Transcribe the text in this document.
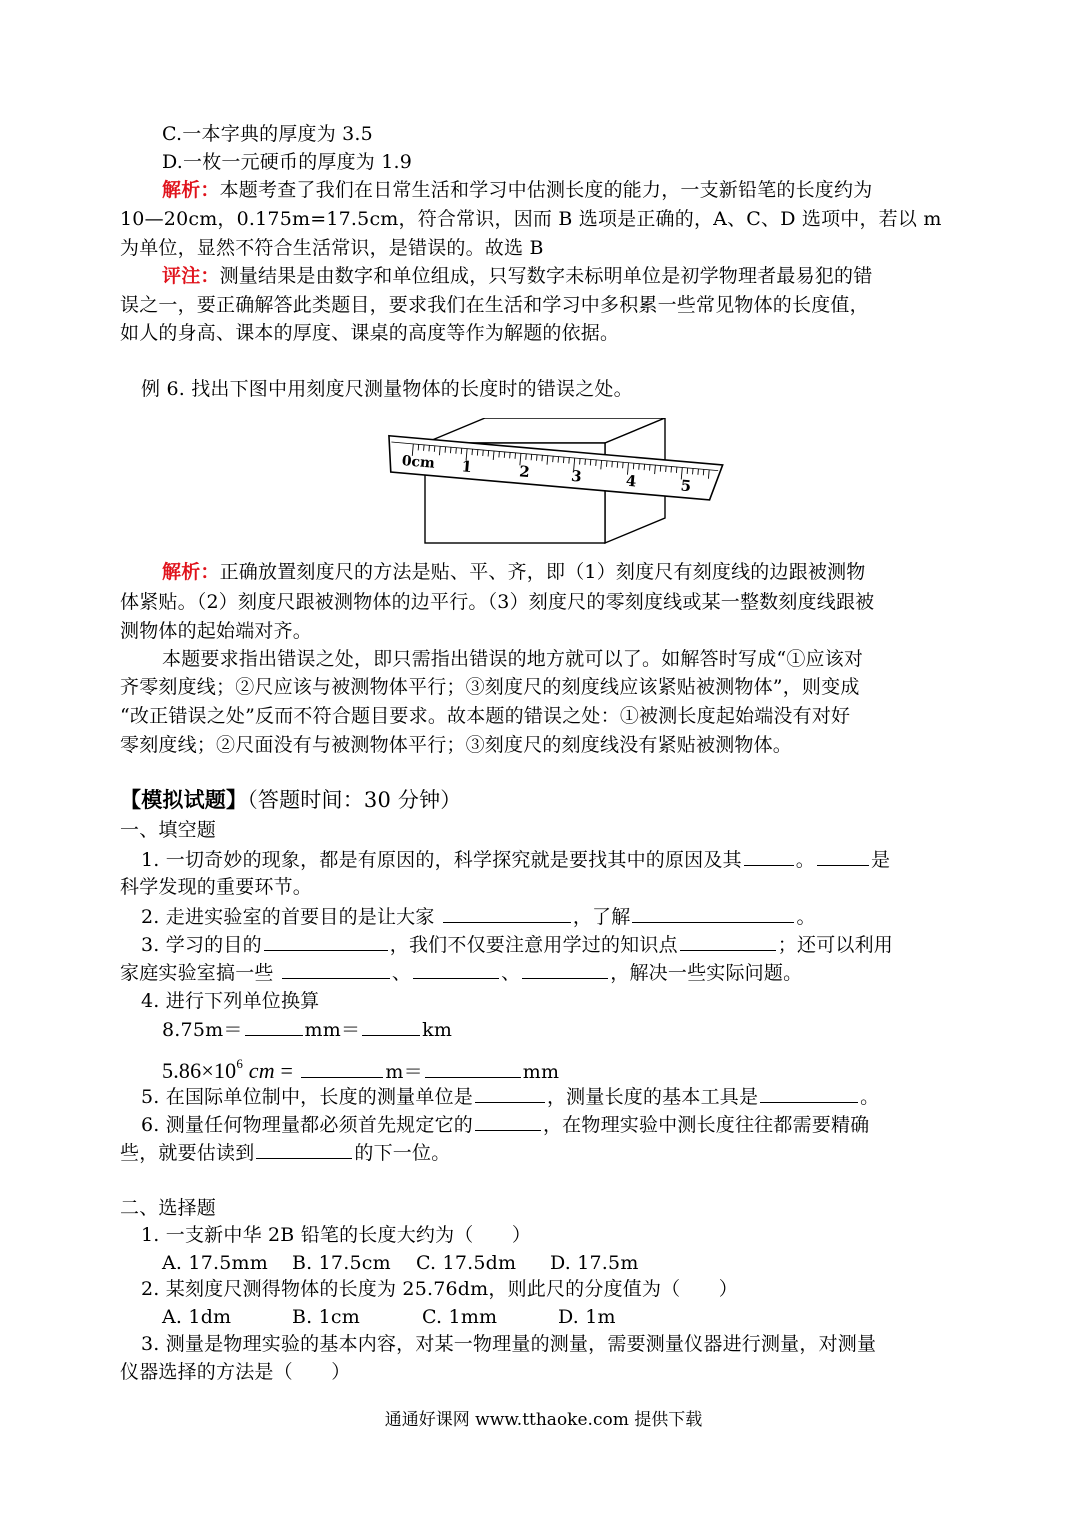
C.一本字典的厚度为 3.5
D.一枚一元硬币的厚度为 1.9
解析：本题考查了我们在日常生活和学习中估测长度的能力，一支新铅笔的长度约为
10—20cm，0.175m=17.5cm，符合常识，因而 B 选项是正确的，A、C、D 选项中，若以 m
为单位，显然不符合生活常识，是错误的。故选 B
评注：测量结果是由数字和单位组成，只写数字未标明单位是初学物理者最易犯的错
误之一，要正确解答此类题目，要求我们在生活和学习中多积累一些常见物体的长度值，
如人的身高、课本的厚度、课桌的高度等作为解题的依据。
例 6. 找出下图中用刻度尺测量物体的长度时的错误之处。
0cm 1	2	3	4	5
解析：正确放置刻度尺的方法是贴、平、齐，即（1）刻度尺有刻度线的边跟被测物
体紧贴。（2）刻度尺跟被测物体的边平行。（3）刻度尺的零刻度线或某一整数刻度线跟被
测物体的起始端对齐。
本题要求指出错误之处，即只需指出错误的地方就可以了。如解答时写成“①应该对
齐零刻度线；②尺应该与被测物体平行；③刻度尺的刻度线应该紧贴被测物体”，则变成
“改正错误之处”反而不符合题目要求。故本题的错误之处：①被测长度起始端没有对好
零刻度线；②尺面没有与被测物体平行；③刻度尺的刻度线没有紧贴被测物体。
【模拟试题】（答题时间：30 分钟）
一、填空题
1. 一切奇妙的现象，都是有原因的，科学探究就是要找其中的原因及其	。	是
科学发现的重要环节。
2. 走进实验室的首要目的是让大家	，了解	。
3. 学习的目的	，我们不仅要注意用学过的知识点	；还可以利用
家庭实验室搞一些	、	、	，解决一些实际问题。
4. 进行下列单位换算
8.75m＝	mm＝	km
$5.86\times 10^6$ cm =	m＝	mm
5. 在国际单位制中，长度的测量单位是	，测量长度的基本工具是	。
6. 测量任何物理量都必须首先规定它的	，在物理实验中测长度往往都需要精确
些，就要估读到	的下一位。
二、选择题
1. 一支新中华 2B 铅笔的长度大约为（　　）
A. 17.5mm B. 17.5cm C. 17.5dm D. 17.5m
2. 某刻度尺测得物体的长度为 25.76dm，则此尺的分度值为（　　）
A. 1dm	B. 1cm	C. 1mm	D. 1m
3. 测量是物理实验的基本内容，对某一物理量的测量，需要测量仪器进行测量，对测量
仪器选择的方法是（　　）
通通好课网 www.tthaoke.com 提供下载
